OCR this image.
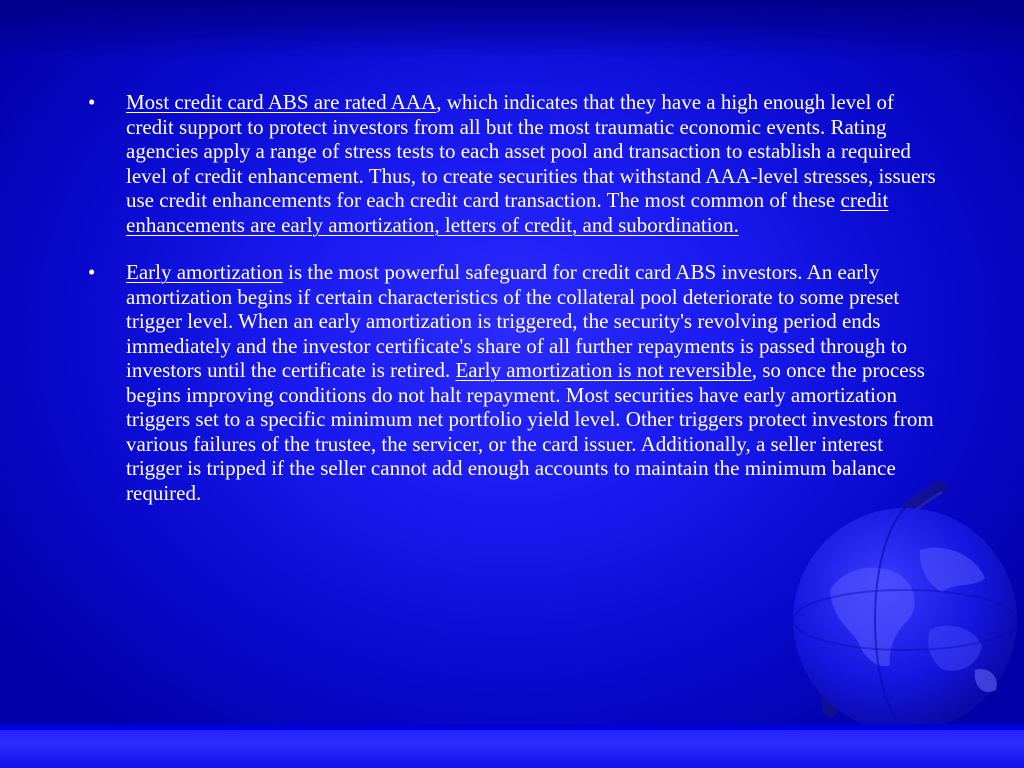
•	Most credit card ABS are rated AAA, which indicates that they have a high enough level of credit support to protect investors from all but the most traumatic economic events. Rating agencies apply a range of stress tests to each asset pool and transaction to establish a required level of credit enhancement. Thus, to create securities that withstand AAA-level stresses, issuers use credit enhancements for each credit card transaction. The most common of these credit enhancements are early amortization, letters of credit, and subordination.
•	Early amortization is the most powerful safeguard for credit card ABS investors. An early amortization begins if certain characteristics of the collateral pool deteriorate to some preset trigger level. When an early amortization is triggered, the security's revolving period ends immediately and the investor certificate's share of all further repayments is passed through to investors until the certificate is retired. Early amortization is not reversible, so once the process begins improving conditions do not halt repayment. Most securities have early amortization triggers set to a specific minimum net portfolio yield level. Other triggers protect investors from various failures of the trustee, the servicer, or the card issuer. Additionally, a seller interest trigger is tripped if the seller cannot add enough accounts to maintain the minimum balance required.
